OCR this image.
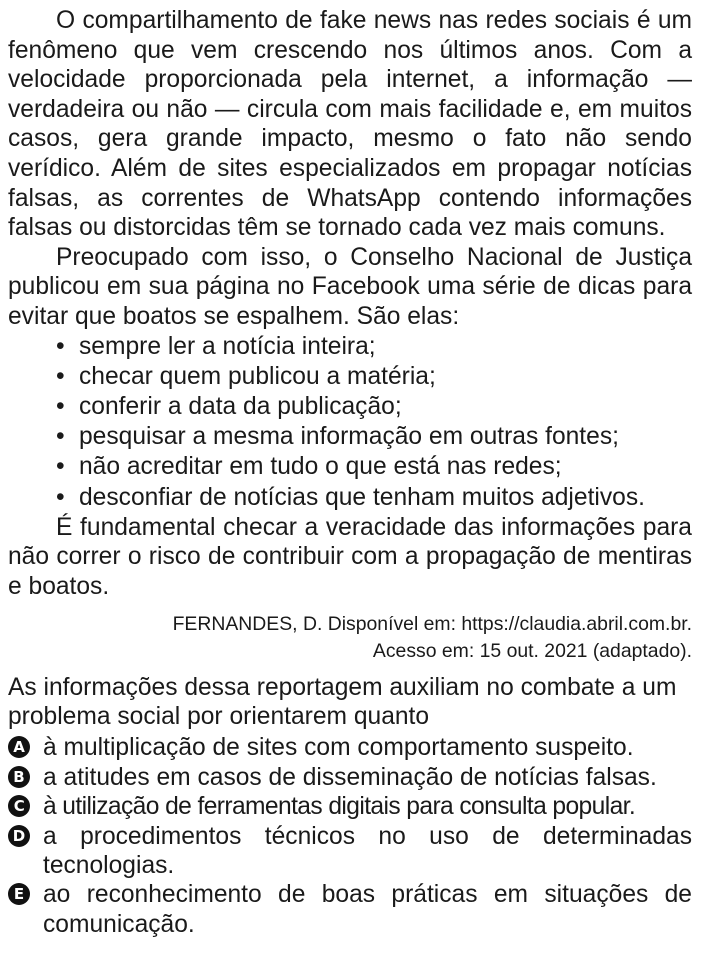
O compartilhamento de fake news nas redes sociais é um fenômeno que vem crescendo nos últimos anos. Com a velocidade proporcionada pela internet, a informação — verdadeira ou não — circula com mais facilidade e, em muitos casos, gera grande impacto, mesmo o fato não sendo verídico. Além de sites especializados em propagar notícias falsas, as correntes de WhatsApp contendo informações falsas ou distorcidas têm se tornado cada vez mais comuns.

Preocupado com isso, o Conselho Nacional de Justiça publicou em sua página no Facebook uma série de dicas para evitar que boatos se espalhem. São elas:

• sempre ler a notícia inteira;
• checar quem publicou a matéria;
• conferir a data da publicação;
• pesquisar a mesma informação em outras fontes;
• não acreditar em tudo o que está nas redes;
• desconfiar de notícias que tenham muitos adjetivos.

É fundamental checar a veracidade das informações para não correr o risco de contribuir com a propagação de mentiras e boatos.

FERNANDES, D. Disponível em: https://claudia.abril.com.br.
Acesso em: 15 out. 2021 (adaptado).
As informações dessa reportagem auxiliam no combate a um problema social por orientarem quanto
A à multiplicação de sites com comportamento suspeito.
B a atitudes em casos de disseminação de notícias falsas.
C à utilização de ferramentas digitais para consulta popular.
D a procedimentos técnicos no uso de determinadas tecnologias.
E ao reconhecimento de boas práticas em situações de comunicação.
